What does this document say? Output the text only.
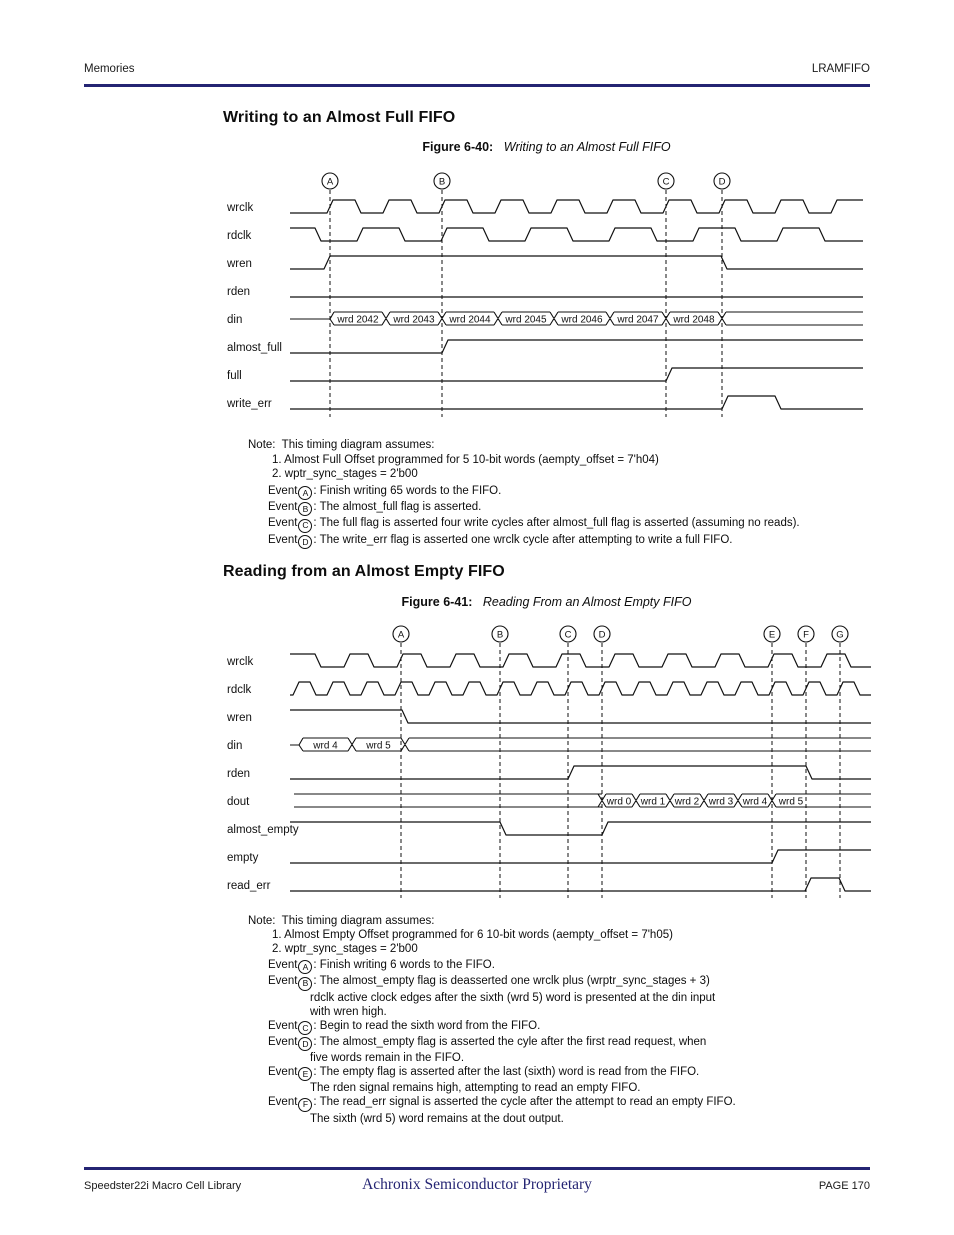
Memories	LRAMFIFO
Writing to an Almost Full FIFO
Figure 6-40: Writing to an Almost Full FIFO
A	B	C	D
wrclk
rdclk
wren
rden
din	wrd 2042 wrd 2043 wrd 2044 wrd 2045 wrd 2046 wrd 2047 wrd 2048
almost_full
full
write_err
Note:  This timing diagram assumes:
1. Almost Full Offset programmed for 5 10-bit words (aempty_offset = 7'h04)
2. wptr_sync_stages = 2'b00
Event A : Finish writing 65 words to the FIFO.
Event B : The almost_full flag is asserted.
Event C : The full flag is asserted four write cycles after almost_full flag is asserted (assuming no reads).
Event D : The write_err flag is asserted one wrclk cycle after attempting to write a full FIFO.
Reading from an Almost Empty FIFO
Figure 6-41: Reading From an Almost Empty FIFO
A	B	C	D	E	F	G
wrclk
rdclk
wren
din	wrd 4	wrd 5
rden
dout	wrd 0 wrd 1 wrd 2 wrd 3 wrd 4 wrd 5
almost_empty
empty
read_err
Note:  This timing diagram assumes:
1. Almost Empty Offset programmed for 6 10-bit words (aempty_offset = 7'h05)
2. wptr_sync_stages = 2'b00
Event A : Finish writing 6 words to the FIFO.
Event B : The almost_empty flag is deasserted one wrclk plus (wrptr_sync_stages + 3)
rdclk active clock edges after the sixth (wrd 5) word is presented at the din input
with wren high.
Event C : Begin to read the sixth word from the FIFO.
Event D : The almost_empty flag is asserted the cyle after the first read request, when
five words remain in the FIFO.
Event E : The empty flag is asserted after the last (sixth) word is read from the FIFO.
The rden signal remains high, attempting to read an empty FIFO.
Event F : The read_err signal is asserted the cycle after the attempt to read an empty FIFO.
The sixth (wrd 5) word remains at the dout output.
Speedster22i Macro Cell Library	Achronix Semiconductor Proprietary	PAGE 170
